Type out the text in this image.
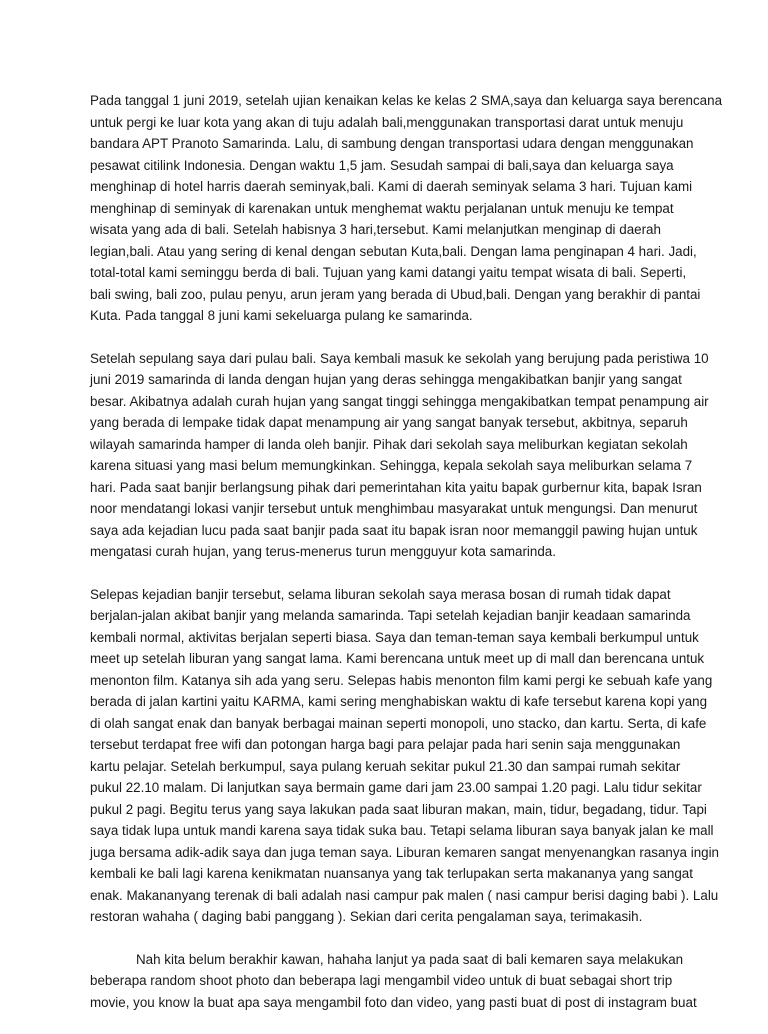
Pada tanggal 1 juni 2019, setelah ujian kenaikan kelas ke kelas 2 SMA,saya dan keluarga saya berencana
untuk pergi ke luar kota yang akan di tuju adalah bali,menggunakan transportasi darat untuk menuju
bandara APT Pranoto Samarinda. Lalu, di sambung dengan transportasi udara dengan menggunakan
pesawat citilink Indonesia. Dengan waktu 1,5 jam. Sesudah sampai di bali,saya dan keluarga saya
menghinap di hotel harris daerah seminyak,bali. Kami di daerah seminyak selama 3 hari. Tujuan kami
menghinap di seminyak di karenakan untuk menghemat waktu perjalanan untuk menuju ke tempat
wisata yang ada di bali. Setelah habisnya 3 hari,tersebut. Kami melanjutkan menginap di daerah
legian,bali. Atau yang sering di kenal dengan sebutan Kuta,bali. Dengan lama penginapan 4 hari. Jadi,
total-total kami seminggu berda di bali. Tujuan yang kami datangi yaitu tempat wisata di bali. Seperti,
bali swing, bali zoo, pulau penyu, arun jeram yang berada di Ubud,bali. Dengan yang berakhir di pantai
Kuta. Pada tanggal 8 juni kami sekeluarga pulang ke samarinda.
Setelah sepulang saya dari pulau bali. Saya kembali masuk ke sekolah yang berujung pada peristiwa 10
juni 2019 samarinda di landa dengan hujan yang deras sehingga mengakibatkan banjir yang sangat
besar. Akibatnya adalah curah hujan yang sangat tinggi sehingga mengakibatkan tempat penampung air
yang berada di lempake tidak dapat menampung air yang sangat banyak tersebut, akbitnya, separuh
wilayah samarinda hamper di landa oleh banjir. Pihak dari sekolah saya meliburkan kegiatan sekolah
karena situasi yang masi belum memungkinkan. Sehingga, kepala sekolah saya meliburkan selama 7
hari. Pada saat banjir berlangsung pihak dari pemerintahan kita yaitu bapak gurbernur kita, bapak Isran
noor mendatangi lokasi vanjir tersebut untuk menghimbau masyarakat untuk mengungsi. Dan menurut
saya ada kejadian lucu pada saat banjir pada saat itu bapak isran noor memanggil pawing hujan untuk
mengatasi curah hujan, yang terus-menerus turun mengguyur kota samarinda.
Selepas kejadian banjir tersebut, selama liburan sekolah saya merasa bosan di rumah tidak dapat
berjalan-jalan akibat banjir yang melanda samarinda. Tapi setelah kejadian banjir keadaan samarinda
kembali normal, aktivitas berjalan seperti biasa. Saya dan teman-teman saya kembali berkumpul untuk
meet up setelah liburan yang sangat lama. Kami berencana untuk meet up di mall dan berencana untuk
menonton film. Katanya sih ada yang seru. Selepas habis menonton film kami pergi ke sebuah kafe yang
berada di jalan kartini yaitu KARMA, kami sering menghabiskan waktu di kafe tersebut karena kopi yang
di olah sangat enak dan banyak berbagai mainan seperti monopoli, uno stacko, dan kartu. Serta, di kafe
tersebut terdapat free wifi dan potongan harga bagi para pelajar pada hari senin saja menggunakan
kartu pelajar. Setelah berkumpul, saya pulang keruah sekitar pukul 21.30 dan sampai rumah sekitar
pukul 22.10 malam. Di lanjutkan saya bermain game dari jam 23.00 sampai 1.20 pagi. Lalu tidur sekitar
pukul 2 pagi. Begitu terus yang saya lakukan pada saat liburan makan, main, tidur, begadang, tidur. Tapi
saya tidak lupa untuk mandi karena saya tidak suka bau. Tetapi selama liburan saya banyak jalan ke mall
juga bersama adik-adik saya dan juga teman saya. Liburan kemaren sangat menyenangkan rasanya ingin
kembali ke bali lagi karena kenikmatan nuansanya yang tak terlupakan serta makananya yang sangat
enak. Makananyang terenak di bali adalah nasi campur pak malen ( nasi campur berisi daging babi ). Lalu
restoran wahaha ( daging babi panggang ). Sekian dari cerita pengalaman saya, terimakasih.
Nah kita belum berakhir kawan, hahaha lanjut ya pada saat di bali kemaren saya melakukan
beberapa random shoot photo dan beberapa lagi mengambil video untuk di buat sebagai short trip
movie, you know la buat apa saya mengambil foto dan video, yang pasti buat di post di instagram buat
